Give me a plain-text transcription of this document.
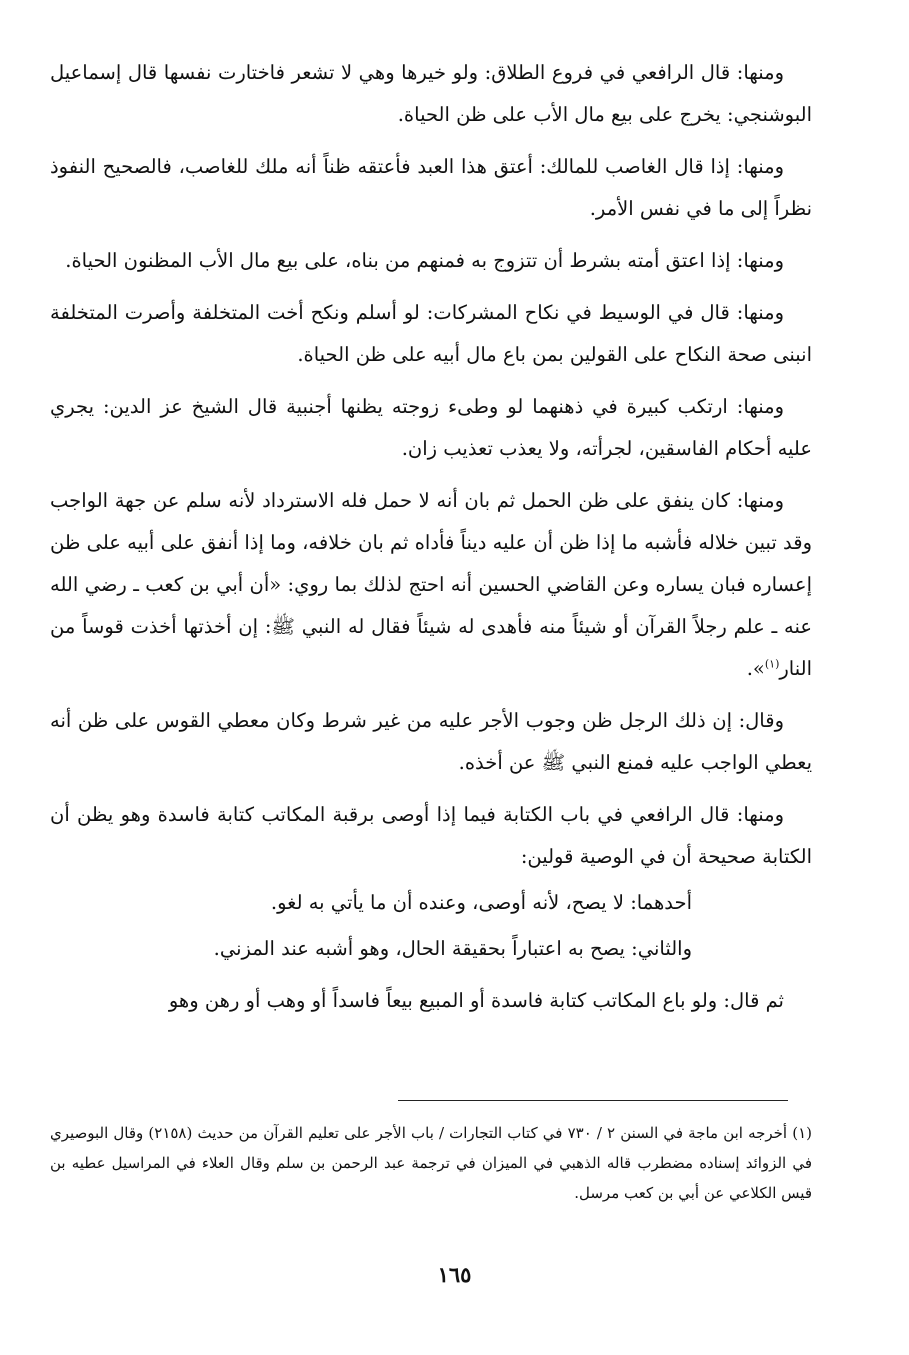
ومنها: قال الرافعي في فروع الطلاق: ولو خيرها وهي لا تشعر فاختارت نفسها قال إسماعيل البوشنجي: يخرج على بيع مال الأب على ظن الحياة.

ومنها: إذا قال الغاصب للمالك: أعتق هذا العبد فأعتقه ظناً أنه ملك للغاصب، فالصحيح النفوذ نظراً إلى ما في نفس الأمر.

ومنها: إذا اعتق أمته بشرط أن تتزوج به فمنهم من بناه، على بيع مال الأب المظنون الحياة.

ومنها: قال في الوسيط في نكاح المشركات: لو أسلم ونكح أخت المتخلفة وأصرت المتخلفة انبنى صحة النكاح على القولين بمن باع مال أبيه على ظن الحياة.

ومنها: ارتكب كبيرة في ذهنهما لو وطىء زوجته يظنها أجنبية قال الشيخ عز الدين: يجري عليه أحكام الفاسقين، لجرأته، ولا يعذب تعذيب زان.

ومنها: كان ينفق على ظن الحمل ثم بان أنه لا حمل فله الاسترداد لأنه سلم عن جهة الواجب وقد تبين خلاله فأشبه ما إذا ظن أن عليه ديناً فأداه ثم بان خلافه، وما إذا أنفق على أبيه على ظن إعساره فبان يساره وعن القاضي الحسين أنه احتج لذلك بما روي: «أن أبي بن كعب ـ رضي الله عنه ـ علم رجلاً القرآن أو شيئاً منه فأهدى له شيئاً فقال له النبي ﷺ: إن أخذتها أخذت قوساً من النار$^{(١)}$».

وقال: إن ذلك الرجل ظن وجوب الأجر عليه من غير شرط وكان معطي القوس على ظن أنه يعطي الواجب عليه فمنع النبي ﷺ عن أخذه.

ومنها: قال الرافعي في باب الكتابة فيما إذا أوصى برقبة المكاتب كتابة فاسدة وهو يظن أن الكتابة صحيحة أن في الوصية قولين:

أحدهما: لا يصح، لأنه أوصى، وعنده أن ما يأتي به لغو.

والثاني: يصح به اعتباراً بحقيقة الحال، وهو أشبه عند المزني.

ثم قال: ولو باع المكاتب كتابة فاسدة أو المبيع بيعاً فاسداً أو وهب أو رهن وهو

(١) أخرجه ابن ماجة في السنن ٢ / ٧٣٠ في كتاب التجارات / باب الأجر على تعليم القرآن من حديث (٢١٥٨) وقال البوصيري في الزوائد إسناده مضطرب قاله الذهبي في الميزان في ترجمة عبد الرحمن بن سلم وقال العلاء في المراسيل عطيه بن قيس الكلاعي عن أبي بن كعب مرسل.

١٦٥
